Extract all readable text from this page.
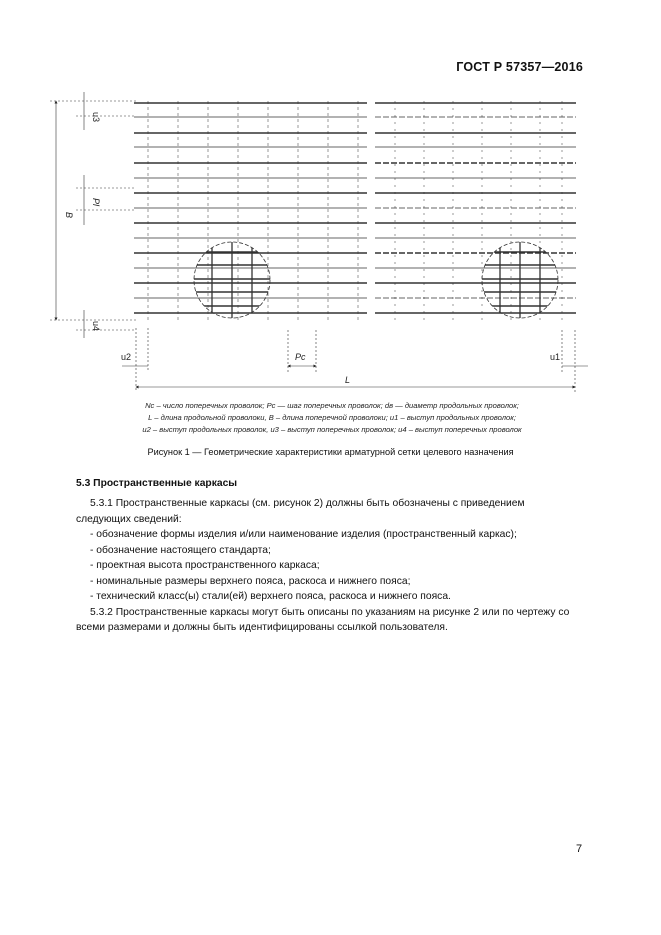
ГОСТ Р 57357—2016
u3
B
Pl
u4
u2	Pc	u1
L
Nc – число поперечных проволок; Pc — шаг поперечных проволок; dв — диаметр продольных проволок;
L – длина продольной проволоки, B – длина поперечной проволоки; u1 – выступ продольных проволок;
u2 – выступ продольных проволок, u3 – выступ поперечных проволок; u4 – выступ поперечных проволок
Рисунок 1 — Геометрические характеристики арматурной сетки целевого назначения
5.3 Пространственные каркасы

5.3.1 Пространственные каркасы (см. рисунок 2) должны быть обозначены с приведением следующих сведений:

- обозначение формы изделия и/или наименование изделия (пространственный каркас);

- обозначение настоящего стандарта;

- проектная высота пространственного каркаса;

- номинальные размеры верхнего пояса, раскоса и нижнего пояса;

- технический класс(ы) стали(ей) верхнего пояса, раскоса и нижнего пояса.

5.3.2 Пространственные каркасы могут быть описаны по указаниям на рисунке 2 или по чертежу со всеми размерами и должны быть идентифицированы ссылкой пользователя.

7
